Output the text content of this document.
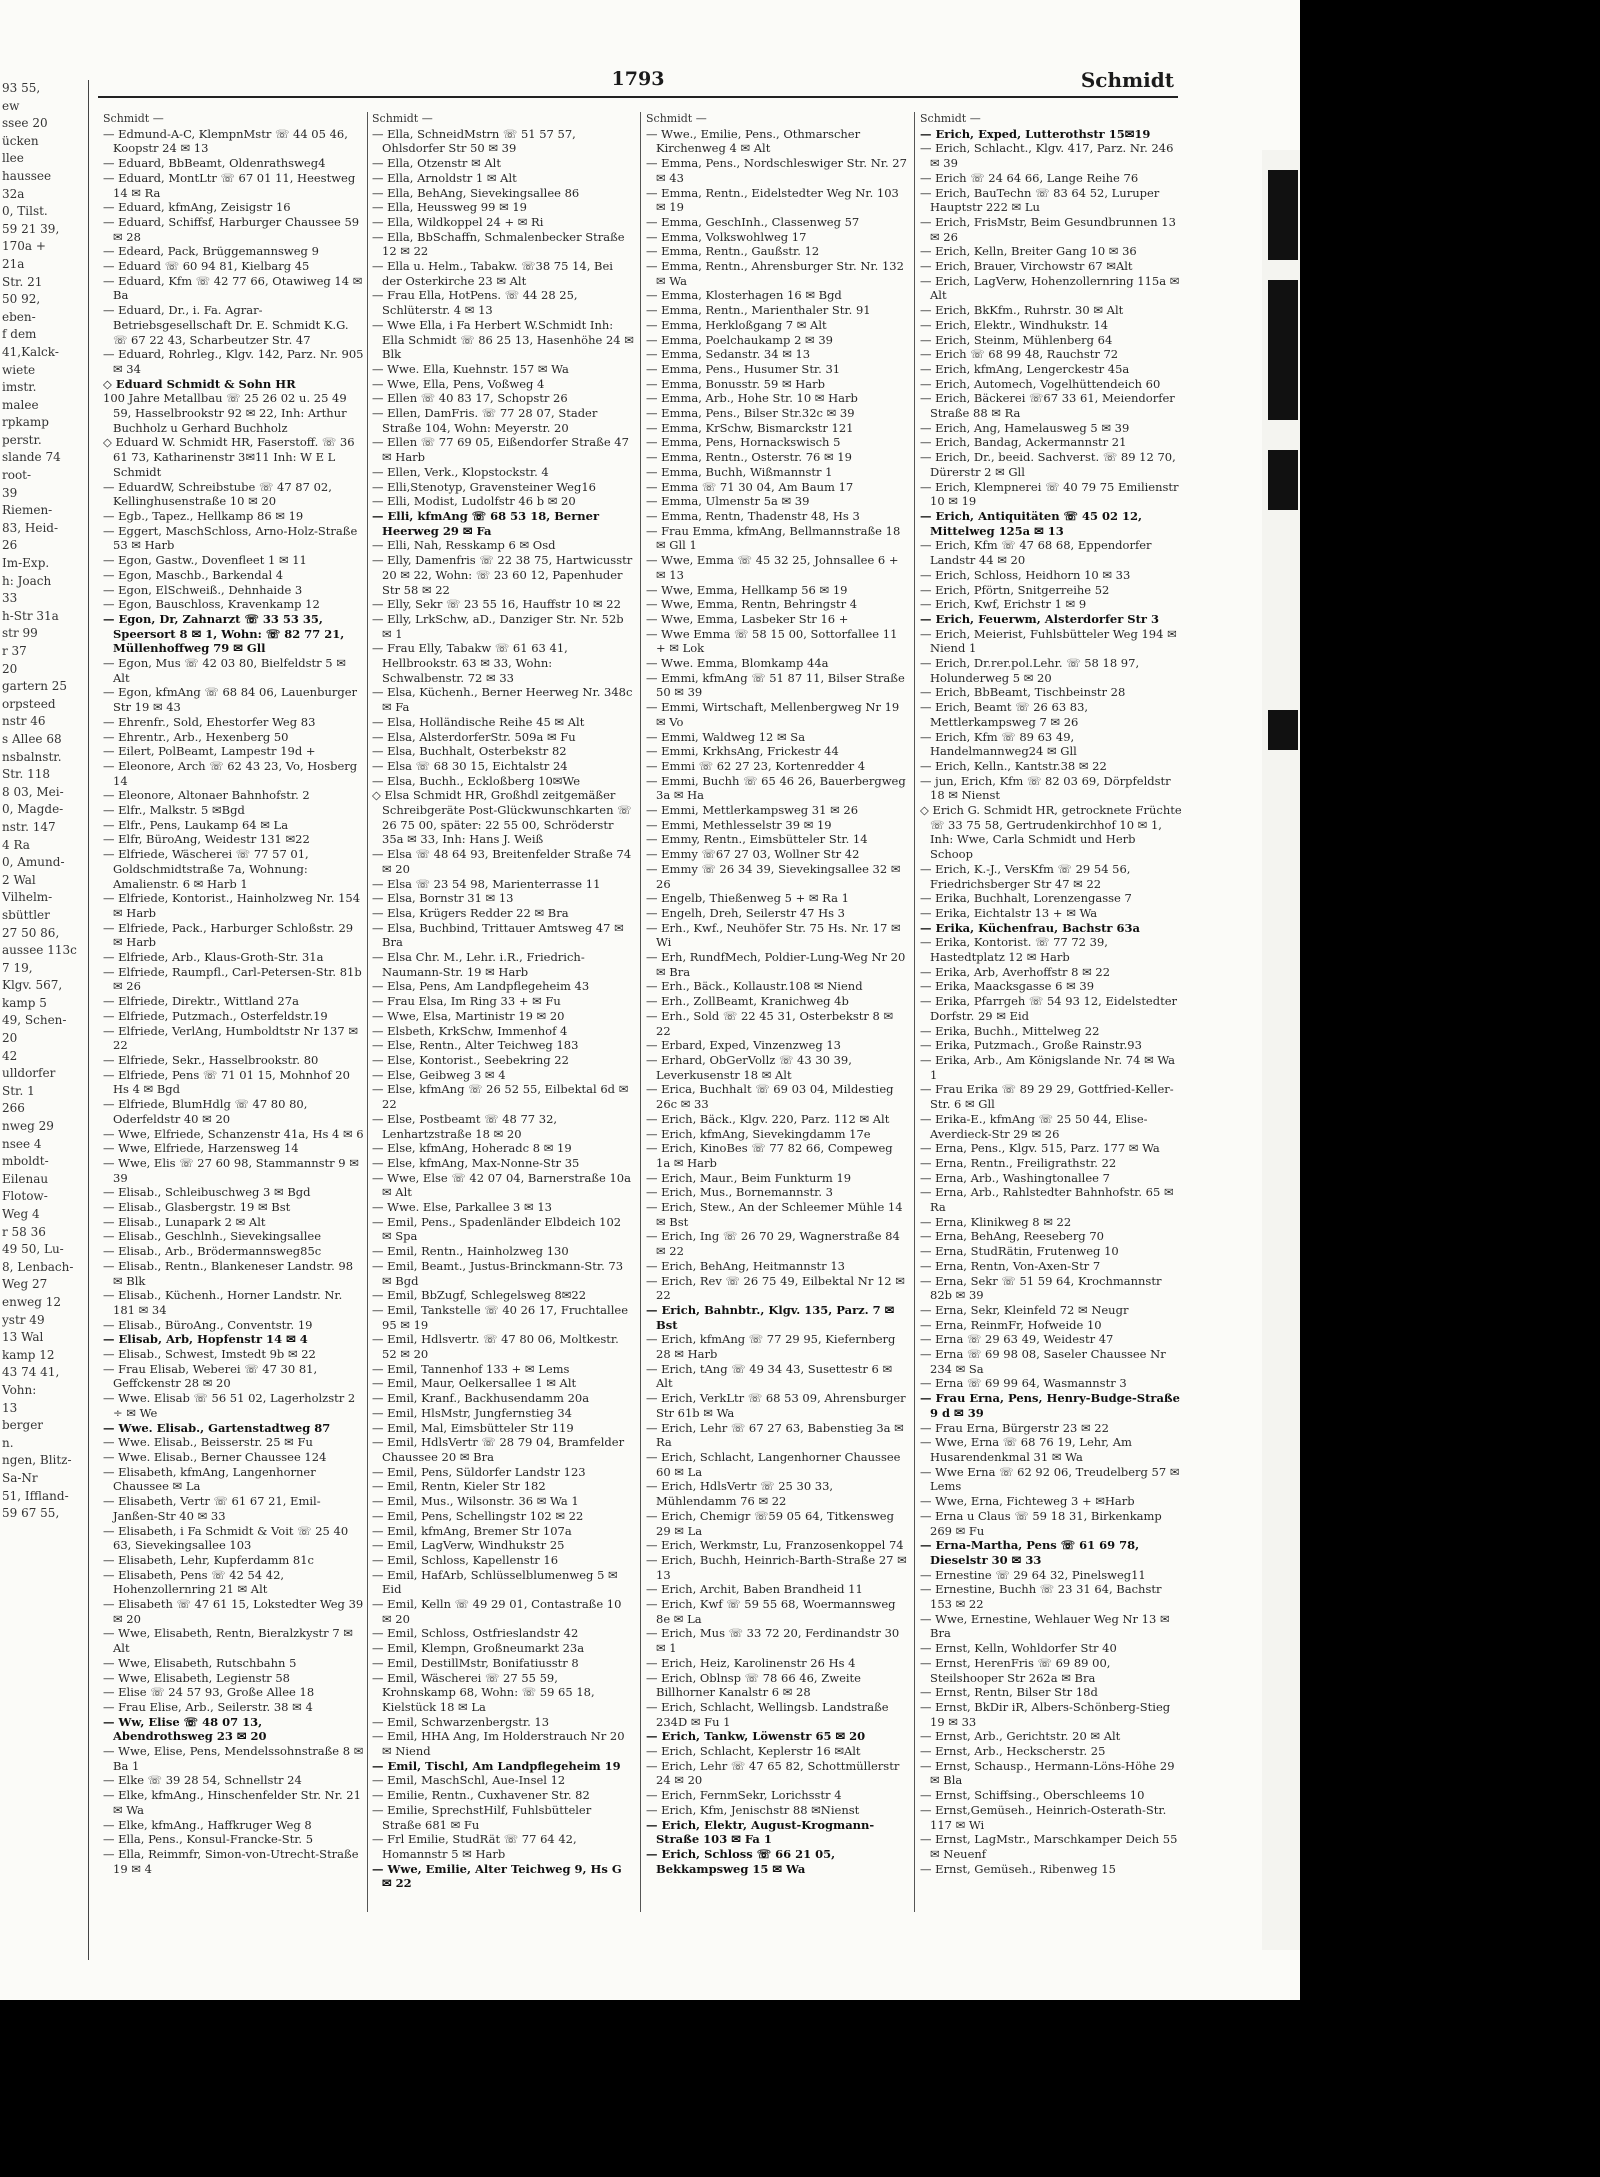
93 55,
ew
ssee 20
ücken
llee
haussee
32a
0, Tilst.
59 21 39,
170a +
21a
Str. 21
50 92,
eben-
f dem
41,Kalck-
wiete
imstr.
malee
rpkamp
perstr.
slande 74
root-
39
Riemen-
83, Heid-
26
Im-Exp.
h: Joach
33
h-Str 31a
str 99
r 37
20
gartern 25
orpsteed
nstr 46
s Allee 68
nsbalnstr.
Str. 118
8 03, Mei-
0, Magde-
nstr. 147
4 Ra
0, Amund-
2 Wal
Vilhelm-
sbüttler
27 50 86,
aussee 113c
7 19,
Klgv. 567,
kamp 5
49, Schen-
20
42
ulldorfer
Str. 1
266
nweg 29
nsee 4
mboldt-
Eilenau
Flotow-
Weg 4
r 58 36
49 50, Lu-
8, Lenbach-
Weg 27
enweg 12
ystr 49
13 Wal
kamp 12
43 74 41,
Vohn:
13
berger
n.
ngen, Blitz-
Sa-Nr
51, Iffland-
59 67 55,
1793	Schmidt
Schmidt —

— Edmund-A-C, KlempnMstr ☏ 44 05 46, Koopstr 24 ✉ 13

— Eduard, BbBeamt, Oldenrathsweg4

— Eduard, MontLtr ☏ 67 01 11, Heestweg 14 ✉ Ra

— Eduard, kfmAng, Zeisigstr 16

— Eduard, Schiffsf, Harburger Chaussee 59 ✉ 28

— Edeard, Pack, Brüggemannsweg 9

— Eduard ☏ 60 94 81, Kielbarg 45

— Eduard, Kfm ☏ 42 77 66, Otawiweg 14 ✉ Ba

— Eduard, Dr., i. Fa. Agrar-Betriebsgesellschaft Dr. E. Schmidt K.G. ☏ 67 22 43, Scharbeutzer Str. 47

— Eduard, Rohrleg., Klgv. 142, Parz. Nr. 905 ✉ 34

◇ Eduard Schmidt & Sohn HR

100 Jahre Metallbau ☏ 25 26 02 u. 25 49 59, Hasselbrookstr 92 ✉ 22, Inh: Arthur Buchholz u Gerhard Buchholz

◇ Eduard W. Schmidt HR, Faserstoff. ☏ 36 61 73, Katharinenstr 3✉11 Inh: W E L Schmidt

— EduardW, Schreibstube ☏ 47 87 02, Kellinghusenstraße 10 ✉ 20

— Egb., Tapez., Hellkamp 86 ✉ 19

— Eggert, MaschSchloss, Arno-Holz-Straße 53 ✉ Harb

— Egon, Gastw., Dovenfleet 1 ✉ 11

— Egon, Maschb., Barkendal 4

— Egon, ElSchweiß., Dehnhaide 3

— Egon, Bauschloss, Kravenkamp 12

— Egon, Dr, Zahnarzt ☏ 33 53 35, Speersort 8 ✉ 1, Wohn: ☏ 82 77 21, Müllenhoffweg 79 ✉ Gll

— Egon, Mus ☏ 42 03 80, Bielfeldstr 5 ✉ Alt

— Egon, kfmAng ☏ 68 84 06, Lauenburger Str 19 ✉ 43

— Ehrenfr., Sold, Ehestorfer Weg 83

— Ehrentr., Arb., Hexenberg 50

— Eilert, PolBeamt, Lampestr 19d +

— Eleonore, Arch ☏ 62 43 23, Vo, Hosberg 14

— Eleonore, Altonaer Bahnhofstr. 2

— Elfr., Malkstr. 5 ✉Bgd

— Elfr., Pens, Laukamp 64 ✉ La

— Elfr, BüroAng, Weidestr 131 ✉22

— Elfriede, Wäscherei ☏ 77 57 01, Goldschmidtstraße 7a, Wohnung: Amalienstr. 6 ✉ Harb 1

— Elfriede, Kontorist., Hainholzweg Nr. 154 ✉ Harb

— Elfriede, Pack., Harburger Schloßstr. 29 ✉ Harb

— Elfriede, Arb., Klaus-Groth-Str. 31a

— Elfriede, Raumpfl., Carl-Petersen-Str. 81b ✉ 26

— Elfriede, Direktr., Wittland 27a

— Elfriede, Putzmach., Osterfeldstr.19

— Elfriede, VerlAng, Humboldtstr Nr 137 ✉ 22

— Elfriede, Sekr., Hasselbrookstr. 80

— Elfriede, Pens ☏ 71 01 15, Mohnhof 20 Hs 4 ✉ Bgd

— Elfriede, BlumHdlg ☏ 47 80 80, Oderfeldstr 40 ✉ 20

— Wwe, Elfriede, Schanzenstr 41a, Hs 4 ✉ 6

— Wwe, Elfriede, Harzensweg 14

— Wwe, Elis ☏ 27 60 98, Stammannstr 9 ✉ 39

— Elisab., Schleibuschweg 3 ✉ Bgd

— Elisab., Glasbergstr. 19 ✉ Bst

— Elisab., Lunapark 2 ✉ Alt

— Elisab., Geschlnh., Sievekingsallee

— Elisab., Arb., Brödermannsweg85c

— Elisab., Rentn., Blankeneser Landstr. 98 ✉ Blk

— Elisab., Küchenh., Horner Landstr. Nr. 181 ✉ 34

— Elisab., BüroAng., Conventstr. 19

— Elisab, Arb, Hopfenstr 14 ✉ 4

— Elisab., Schwest, Imstedt 9b ✉ 22

— Frau Elisab, Weberei ☏ 47 30 81, Geffckenstr 28 ✉ 20

— Wwe. Elisab ☏ 56 51 02, Lagerholzstr 2 ÷ ✉ We

— Wwe. Elisab., Gartenstadtweg 87

— Wwe. Elisab., Beisserstr. 25 ✉ Fu

— Wwe. Elisab., Berner Chaussee 124

— Elisabeth, kfmAng, Langenhorner Chaussee ✉ La

— Elisabeth, Vertr ☏ 61 67 21, Emil-Janßen-Str 40 ✉ 33

— Elisabeth, i Fa Schmidt & Voit ☏ 25 40 63, Sievekingsallee 103

— Elisabeth, Lehr, Kupferdamm 81c

— Elisabeth, Pens ☏ 42 54 42, Hohenzollernring 21 ✉ Alt

— Elisabeth ☏ 47 61 15, Lokstedter Weg 39 ✉ 20

— Wwe, Elisabeth, Rentn, Bieralzkystr 7 ✉ Alt

— Wwe, Elisabeth, Rutschbahn 5

— Wwe, Elisabeth, Legienstr 58

— Elise ☏ 24 57 93, Große Allee 18

— Frau Elise, Arb., Seilerstr. 38 ✉ 4

— Ww, Elise ☏ 48 07 13, Abendrothsweg 23 ✉ 20

— Wwe, Elise, Pens, Mendelssohnstraße 8 ✉ Ba 1

— Elke ☏ 39 28 54, Schnellstr 24

— Elke, kfmAng., Hinschenfelder Str. Nr. 21 ✉ Wa

— Elke, kfmAng., Haffkruger Weg 8

— Ella, Pens., Konsul-Francke-Str. 5

— Ella, Reimmfr, Simon-von-Utrecht-Straße 19 ✉ 4

Schmidt —

— Ella, SchneidMstrn ☏ 51 57 57, Ohlsdorfer Str 50 ✉ 39

— Ella, Otzenstr ✉ Alt

— Ella, Arnoldstr 1 ✉ Alt

— Ella, BehAng, Sievekingsallee 86

— Ella, Heussweg 99 ✉ 19

— Ella, Wildkoppel 24 + ✉ Ri

— Ella, BbSchaffn, Schmalenbecker Straße 12 ✉ 22

— Ella u. Helm., Tabakw. ☏38 75 14, Bei der Osterkirche 23 ✉ Alt

— Frau Ella, HotPens. ☏ 44 28 25, Schlüterstr. 4 ✉ 13

— Wwe Ella, i Fa Herbert W.Schmidt Inh: Ella Schmidt ☏ 86 25 13, Hasenhöhe 24 ✉ Blk

— Wwe. Ella, Kuehnstr. 157 ✉ Wa

— Wwe, Ella, Pens, Voßweg 4

— Ellen ☏ 40 83 17, Schopstr 26

— Ellen, DamFris. ☏ 77 28 07, Stader Straße 104, Wohn: Meyerstr. 20

— Ellen ☏ 77 69 05, Eißendorfer Straße 47 ✉ Harb

— Ellen, Verk., Klopstockstr. 4

— Elli,Stenotyp, Gravensteiner Weg16

— Elli, Modist, Ludolfstr 46 b ✉ 20

— Elli, kfmAng ☏ 68 53 18, Berner Heerweg 29 ✉ Fa

— Elli, Nah, Resskamp 6 ✉ Osd

— Elly, Damenfris ☏ 22 38 75, Hartwicusstr 20 ✉ 22, Wohn: ☏ 23 60 12, Papenhuder Str 58 ✉ 22

— Elly, Sekr ☏ 23 55 16, Hauffstr 10 ✉ 22

— Elly, LrkSchw, aD., Danziger Str. Nr. 52b ✉ 1

— Frau Elly, Tabakw ☏ 61 63 41, Hellbrookstr. 63 ✉ 33, Wohn: Schwalbenstr. 72 ✉ 33

— Elsa, Küchenh., Berner Heerweg Nr. 348c ✉ Fa

— Elsa, Holländische Reihe 45 ✉ Alt

— Elsa, AlsterdorferStr. 509a ✉ Fu

— Elsa, Buchhalt, Osterbekstr 82

— Elsa ☏ 68 30 15, Eichtalstr 24

— Elsa, Buchh., Eckloßberg 10✉We

◇ Elsa Schmidt HR, Großhdl zeitgemäßer Schreibgeräte Post-Glückwunschkarten ☏ 26 75 00, später: 22 55 00, Schröderstr 35a ✉ 33, Inh: Hans J. Weiß

— Elsa ☏ 48 64 93, Breitenfelder Straße 74 ✉ 20

— Elsa ☏ 23 54 98, Marienterrasse 11

— Elsa, Bornstr 31 ✉ 13

— Elsa, Krügers Redder 22 ✉ Bra

— Elsa, Buchbind, Trittauer Amtsweg 47 ✉ Bra

— Elsa Chr. M., Lehr. i.R., Friedrich-Naumann-Str. 19 ✉ Harb

— Elsa, Pens, Am Landpflegeheim 43

— Frau Elsa, Im Ring 33 + ✉ Fu

— Wwe, Elsa, Martinistr 19 ✉ 20

— Elsbeth, KrkSchw, Immenhof 4

— Else, Rentn., Alter Teichweg 183

— Else, Kontorist., Seebekring 22

— Else, Geibweg 3 ✉ 4

— Else, kfmAng ☏ 26 52 55, Eilbektal 6d ✉ 22

— Else, Postbeamt ☏ 48 77 32, Lenhartzstraße 18 ✉ 20

— Else, kfmAng, Hoheradc 8 ✉ 19

— Else, kfmAng, Max-Nonne-Str 35

— Wwe, Else ☏ 42 07 04, Barnerstraße 10a ✉ Alt

— Wwe. Else, Parkallee 3 ✉ 13

— Emil, Pens., Spadenländer Elbdeich 102 ✉ Spa

— Emil, Rentn., Hainholzweg 130

— Emil, Beamt., Justus-Brinckmann-Str. 73 ✉ Bgd

— Emil, BbZugf, Schlegelsweg 8✉22

— Emil, Tankstelle ☏ 40 26 17, Fruchtallee 95 ✉ 19

— Emil, Hdlsvertr. ☏ 47 80 06, Moltkestr. 52 ✉ 20

— Emil, Tannenhof 133 + ✉ Lems

— Emil, Maur, Oelkersallee 1 ✉ Alt

— Emil, Kranf., Backhusendamm 20a

— Emil, HlsMstr, Jungfernstieg 34

— Emil, Mal, Eimsbütteler Str 119

— Emil, HdlsVertr ☏ 28 79 04, Bramfelder Chaussee 20 ✉ Bra

— Emil, Pens, Süldorfer Landstr 123

— Emil, Rentn, Kieler Str 182

— Emil, Mus., Wilsonstr. 36 ✉ Wa 1

— Emil, Pens, Schellingstr 102 ✉ 22

— Emil, kfmAng, Bremer Str 107a

— Emil, LagVerw, Windhukstr 25

— Emil, Schloss, Kapellenstr 16

— Emil, HafArb, Schlüsselblumenweg 5 ✉ Eid

— Emil, Kelln ☏ 49 29 01, Contastraße 10 ✉ 20

— Emil, Schloss, Ostfrieslandstr 42

— Emil, Klempn, Großneumarkt 23a

— Emil, DestillMstr, Bonifatiusstr 8

— Emil, Wäscherei ☏ 27 55 59, Krohnskamp 68, Wohn: ☏ 59 65 18, Kielstück 18 ✉ La

— Emil, Schwarzenbergstr. 13

— Emil, HHA Ang, Im Holderstrauch Nr 20 ✉ Niend

— Emil, Tischl, Am Landpflegeheim 19

— Emil, MaschSchl, Aue-Insel 12

— Emilie, Rentn., Cuxhavener Str. 82

— Emilie, SprechstHilf, Fuhlsbütteler Straße 681 ✉ Fu

— Frl Emilie, StudRät ☏ 77 64 42, Homannstr 5 ✉ Harb

— Wwe, Emilie, Alter Teichweg 9, Hs G ✉ 22

Schmidt —

— Wwe., Emilie, Pens., Othmarscher Kirchenweg 4 ✉ Alt

— Emma, Pens., Nordschleswiger Str. Nr. 27 ✉ 43

— Emma, Rentn., Eidelstedter Weg Nr. 103 ✉ 19

— Emma, GeschInh., Classenweg 57

— Emma, Volkswohlweg 17

— Emma, Rentn., Gaußstr. 12

— Emma, Rentn., Ahrensburger Str. Nr. 132 ✉ Wa

— Emma, Klosterhagen 16 ✉ Bgd

— Emma, Rentn., Marienthaler Str. 91

— Emma, Herkloßgang 7 ✉ Alt

— Emma, Poelchaukamp 2 ✉ 39

— Emma, Sedanstr. 34 ✉ 13

— Emma, Pens., Husumer Str. 31

— Emma, Bonusstr. 59 ✉ Harb

— Emma, Arb., Hohe Str. 10 ✉ Harb

— Emma, Pens., Bilser Str.32c ✉ 39

— Emma, KrSchw, Bismarckstr 121

— Emma, Pens, Hornackswisch 5

— Emma, Rentn., Osterstr. 76 ✉ 19

— Emma, Buchh, Wißmannstr 1

— Emma ☏ 71 30 04, Am Baum 17

— Emma, Ulmenstr 5a ✉ 39

— Emma, Rentn, Thadenstr 48, Hs 3

— Frau Emma, kfmAng, Bellmannstraße 18 ✉ Gll 1

— Wwe, Emma ☏ 45 32 25, Johnsallee 6 + ✉ 13

— Wwe, Emma, Hellkamp 56 ✉ 19

— Wwe, Emma, Rentn, Behringstr 4

— Wwe, Emma, Lasbeker Str 16 +

— Wwe Emma ☏ 58 15 00, Sottorfallee 11 + ✉ Lok

— Wwe. Emma, Blomkamp 44a

— Emmi, kfmAng ☏ 51 87 11, Bilser Straße 50 ✉ 39

— Emmi, Wirtschaft, Mellenbergweg Nr 19 ✉ Vo

— Emmi, Waldweg 12 ✉ Sa

— Emmi, KrkhsAng, Frickestr 44

— Emmi ☏ 62 27 23, Kortenredder 4

— Emmi, Buchh ☏ 65 46 26, Bauerbergweg 3a ✉ Ha

— Emmi, Mettlerkampsweg 31 ✉ 26

— Emmi, Methlesselstr 39 ✉ 19

— Emmy, Rentn., Eimsbütteler Str. 14

— Emmy ☏67 27 03, Wollner Str 42

— Emmy ☏ 26 34 39, Sievekingsallee 32 ✉ 26

— Engelb, Thießenweg 5 + ✉ Ra 1

— Engelh, Dreh, Seilerstr 47 Hs 3

— Erh., Kwf., Neuhöfer Str. 75 Hs. Nr. 17 ✉ Wi

— Erh, RundfMech, Poldier-Lung-Weg Nr 20 ✉ Bra

— Erh., Bäck., Kollaustr.108 ✉ Niend

— Erh., ZollBeamt, Kranichweg 4b

— Erh., Sold ☏ 22 45 31, Osterbekstr 8 ✉ 22

— Erbard, Exped, Vinzenzweg 13

— Erhard, ObGerVollz ☏ 43 30 39, Leverkusenstr 18 ✉ Alt

— Erica, Buchhalt ☏ 69 03 04, Mildestieg 26c ✉ 33

— Erich, Bäck., Klgv. 220, Parz. 112 ✉ Alt

— Erich, kfmAng, Sievekingdamm 17e

— Erich, KinoBes ☏ 77 82 66, Compeweg 1a ✉ Harb

— Erich, Maur., Beim Funkturm 19

— Erich, Mus., Bornemannstr. 3

— Erich, Stew., An der Schleemer Mühle 14 ✉ Bst

— Erich, Ing ☏ 26 70 29, Wagnerstraße 84 ✉ 22

— Erich, BehAng, Heitmannstr 13

— Erich, Rev ☏ 26 75 49, Eilbektal Nr 12 ✉ 22

— Erich, Bahnbtr., Klgv. 135, Parz. 7 ✉ Bst

— Erich, kfmAng ☏ 77 29 95, Kiefernberg 28 ✉ Harb

— Erich, tAng ☏ 49 34 43, Susettestr 6 ✉ Alt

— Erich, VerkLtr ☏ 68 53 09, Ahrensburger Str 61b ✉ Wa

— Erich, Lehr ☏ 67 27 63, Babenstieg 3a ✉ Ra

— Erich, Schlacht, Langenhorner Chaussee 60 ✉ La

— Erich, HdlsVertr ☏ 25 30 33, Mühlendamm 76 ✉ 22

— Erich, Chemigr ☏59 05 64, Titkensweg 29 ✉ La

— Erich, Werkmstr, Lu, Franzosenkoppel 74

— Erich, Buchh, Heinrich-Barth-Straße 27 ✉ 13

— Erich, Archit, Baben Brandheid 11

— Erich, Kwf ☏ 59 55 68, Woermannsweg 8e ✉ La

— Erich, Mus ☏ 33 72 20, Ferdinandstr 30 ✉ 1

— Erich, Heiz, Karolinenstr 26 Hs 4

— Erich, Oblnsp ☏ 78 66 46, Zweite Billhorner Kanalstr 6 ✉ 28

— Erich, Schlacht, Wellingsb. Landstraße 234D ✉ Fu 1

— Erich, Tankw, Löwenstr 65 ✉ 20

— Erich, Schlacht, Keplerstr 16 ✉Alt

— Erich, Lehr ☏ 47 65 82, Schottmüllerstr 24 ✉ 20

— Erich, FernmSekr, Lorichsstr 4

— Erich, Kfm, Jenischstr 88 ✉Nienst

— Erich, Elektr, August-Krogmann-Straße 103 ✉ Fa 1

— Erich, Schloss ☏ 66 21 05, Bekkampsweg 15 ✉ Wa

Schmidt —

— Erich, Exped, Lutterothstr 15✉19

— Erich, Schlacht., Klgv. 417, Parz. Nr. 246 ✉ 39

— Erich ☏ 24 64 66, Lange Reihe 76

— Erich, BauTechn ☏ 83 64 52, Luruper Hauptstr 222 ✉ Lu

— Erich, FrisMstr, Beim Gesundbrunnen 13 ✉ 26

— Erich, Kelln, Breiter Gang 10 ✉ 36

— Erich, Brauer, Virchowstr 67 ✉Alt

— Erich, LagVerw, Hohenzollernring 115a ✉ Alt

— Erich, BkKfm., Ruhrstr. 30 ✉ Alt

— Erich, Elektr., Windhukstr. 14

— Erich, Steinm, Mühlenberg 64

— Erich ☏ 68 99 48, Rauchstr 72

— Erich, kfmAng, Lengerckestr 45a

— Erich, Automech, Vogelhüttendeich 60

— Erich, Bäckerei ☏67 33 61, Meiendorfer Straße 88 ✉ Ra

— Erich, Ang, Hamelausweg 5 ✉ 39

— Erich, Bandag, Ackermannstr 21

— Erich, Dr., beeid. Sachverst. ☏ 89 12 70, Dürerstr 2 ✉ Gll

— Erich, Klempnerei ☏ 40 79 75 Emilienstr 10 ✉ 19

— Erich, Antiquitäten ☏ 45 02 12, Mittelweg 125a ✉ 13

— Erich, Kfm ☏ 47 68 68, Eppendorfer Landstr 44 ✉ 20

— Erich, Schloss, Heidhorn 10 ✉ 33

— Erich, Pförtn, Snitgerreihe 52

— Erich, Kwf, Erichstr 1 ✉ 9

— Erich, Feuerwm, Alsterdorfer Str 3

— Erich, Meierist, Fuhlsbütteler Weg 194 ✉ Niend 1

— Erich, Dr.rer.pol.Lehr. ☏ 58 18 97, Holunderweg 5 ✉ 20

— Erich, BbBeamt, Tischbeinstr 28

— Erich, Beamt ☏ 26 63 83, Mettlerkampsweg 7 ✉ 26

— Erich, Kfm ☏ 89 63 49, Handelmannweg24 ✉ Gll

— Erich, Kelln., Kantstr.38 ✉ 22

— jun, Erich, Kfm ☏ 82 03 69, Dörpfeldstr 18 ✉ Nienst

◇ Erich G. Schmidt HR, getrocknete Früchte ☏ 33 75 58, Gertrudenkirchhof 10 ✉ 1, Inh: Wwe, Carla Schmidt und Herb Schoop

— Erich, K.-J., VersKfm ☏ 29 54 56, Friedrichsberger Str 47 ✉ 22

— Erika, Buchhalt, Lorenzengasse 7

— Erika, Eichtalstr 13 + ✉ Wa

— Erika, Küchenfrau, Bachstr 63a

— Erika, Kontorist. ☏ 77 72 39, Hastedtplatz 12 ✉ Harb

— Erika, Arb, Averhoffstr 8 ✉ 22

— Erika, Maacksgasse 6 ✉ 39

— Erika, Pfarrgeh ☏ 54 93 12, Eidelstedter Dorfstr. 29 ✉ Eid

— Erika, Buchh., Mittelweg 22

— Erika, Putzmach., Große Rainstr.93

— Erika, Arb., Am Königslande Nr. 74 ✉ Wa 1

— Frau Erika ☏ 89 29 29, Gottfried-Keller-Str. 6 ✉ Gll

— Erika-E., kfmAng ☏ 25 50 44, Elise-Averdieck-Str 29 ✉ 26

— Erna, Pens., Klgv. 515, Parz. 177 ✉ Wa

— Erna, Rentn., Freiligrathstr. 22

— Erna, Arb., Washingtonallee 7

— Erna, Arb., Rahlstedter Bahnhofstr. 65 ✉ Ra

— Erna, Klinikweg 8 ✉ 22

— Erna, BehAng, Reeseberg 70

— Erna, StudRätin, Frutenweg 10

— Erna, Rentn, Von-Axen-Str 7

— Erna, Sekr ☏ 51 59 64, Krochmannstr 82b ✉ 39

— Erna, Sekr, Kleinfeld 72 ✉ Neugr

— Erna, ReinmFr, Hofweide 10

— Erna ☏ 29 63 49, Weidestr 47

— Erna ☏ 69 98 08, Saseler Chaussee Nr 234 ✉ Sa

— Erna ☏ 69 99 64, Wasmannstr 3

— Frau Erna, Pens, Henry-Budge-Straße 9 d ✉ 39

— Frau Erna, Bürgerstr 23 ✉ 22

— Wwe, Erna ☏ 68 76 19, Lehr, Am Husarendenkmal 31 ✉ Wa

— Wwe Erna ☏ 62 92 06, Treudelberg 57 ✉ Lems

— Wwe, Erna, Fichteweg 3 + ✉Harb

— Erna u Claus ☏ 59 18 31, Birkenkamp 269 ✉ Fu

— Erna-Martha, Pens ☏ 61 69 78, Dieselstr 30 ✉ 33

— Ernestine ☏ 29 64 32, Pinelsweg11

— Ernestine, Buchh ☏ 23 31 64, Bachstr 153 ✉ 22

— Wwe, Ernestine, Wehlauer Weg Nr 13 ✉ Bra

— Ernst, Kelln, Wohldorfer Str 40

— Ernst, HerenFris ☏ 69 89 00, Steilshooper Str 262a ✉ Bra

— Ernst, Rentn, Bilser Str 18d

— Ernst, BkDir iR, Albers-Schönberg-Stieg 19 ✉ 33

— Ernst, Arb., Gerichtstr. 20 ✉ Alt

— Ernst, Arb., Heckscherstr. 25

— Ernst, Schausp., Hermann-Löns-Höhe 29 ✉ Bla

— Ernst, Schiffsing., Oberschleems 10

— Ernst,Gemüseh., Heinrich-Osterath-Str. 117 ✉ Wi

— Ernst, LagMstr., Marschkamper Deich 55 ✉ Neuenf

— Ernst, Gemüseh., Ribenweg 15
